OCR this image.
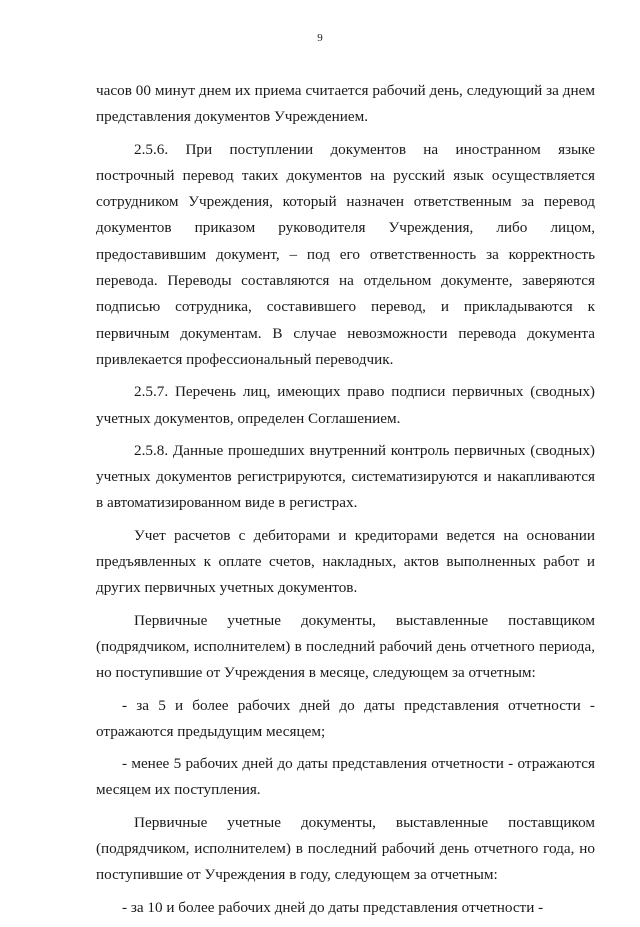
9

часов 00 минут днем их приема считается рабочий день, следующий за днем представления документов Учреждением.

2.5.6. При поступлении документов на иностранном языке построчный перевод таких документов на русский язык осуществляется сотрудником Учреждения, который назначен ответственным за перевод документов приказом руководителя Учреждения, либо лицом, предоставившим документ, – под его ответственность за корректность перевода. Переводы составляются на отдельном документе, заверяются подписью сотрудника, составившего перевод, и прикладываются к первичным документам. В случае невозможности перевода документа привлекается профессиональный переводчик.

2.5.7. Перечень лиц, имеющих право подписи первичных (сводных) учетных документов, определен Соглашением.

2.5.8. Данные прошедших внутренний контроль первичных (сводных) учетных документов регистрируются, систематизируются и накапливаются в автоматизированном виде в регистрах.

Учет расчетов с дебиторами и кредиторами ведется на основании предъявленных к оплате счетов, накладных, актов выполненных работ и других первичных учетных документов.

Первичные учетные документы, выставленные поставщиком (подрядчиком, исполнителем) в последний рабочий день отчетного периода, но поступившие от Учреждения в месяце, следующем за отчетным:

- за 5 и более рабочих дней до даты представления отчетности - отражаются предыдущим месяцем;

- менее 5 рабочих дней до даты представления отчетности - отражаются месяцем их поступления.

Первичные учетные документы, выставленные поставщиком (подрядчиком, исполнителем) в последний рабочий день отчетного года, но поступившие от Учреждения в году, следующем за отчетным:

- за 10 и более рабочих дней до даты представления отчетности -
